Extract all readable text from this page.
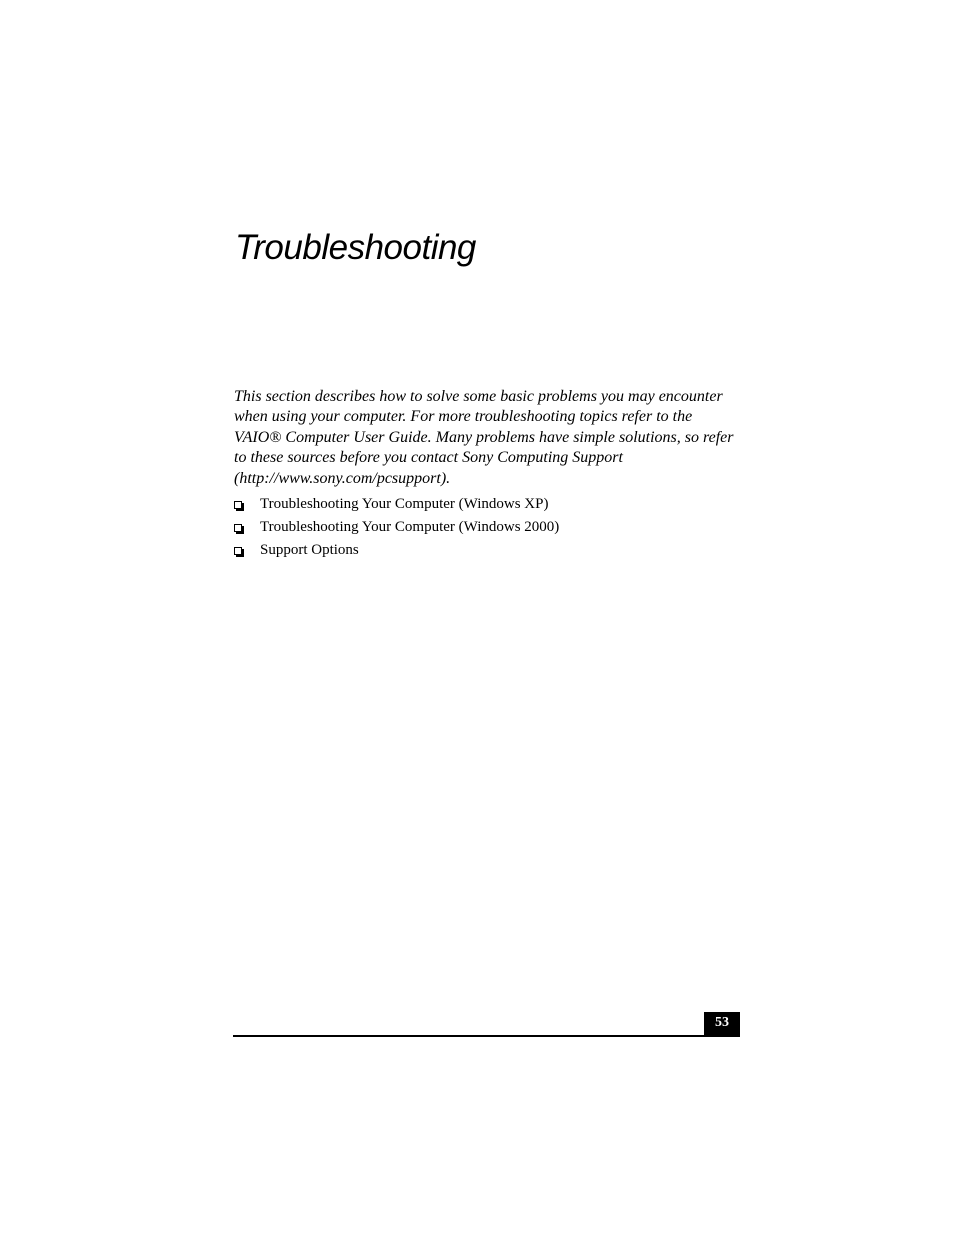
Troubleshooting

This section describes how to solve some basic problems you may encounter when using your computer. For more troubleshooting topics refer to the VAIO® Computer User Guide. Many problems have simple solutions, so refer to these sources before you contact Sony Computing Support (http://www.sony.com/pcsupport).

Troubleshooting Your Computer (Windows XP)
Troubleshooting Your Computer (Windows 2000)
Support Options
53
